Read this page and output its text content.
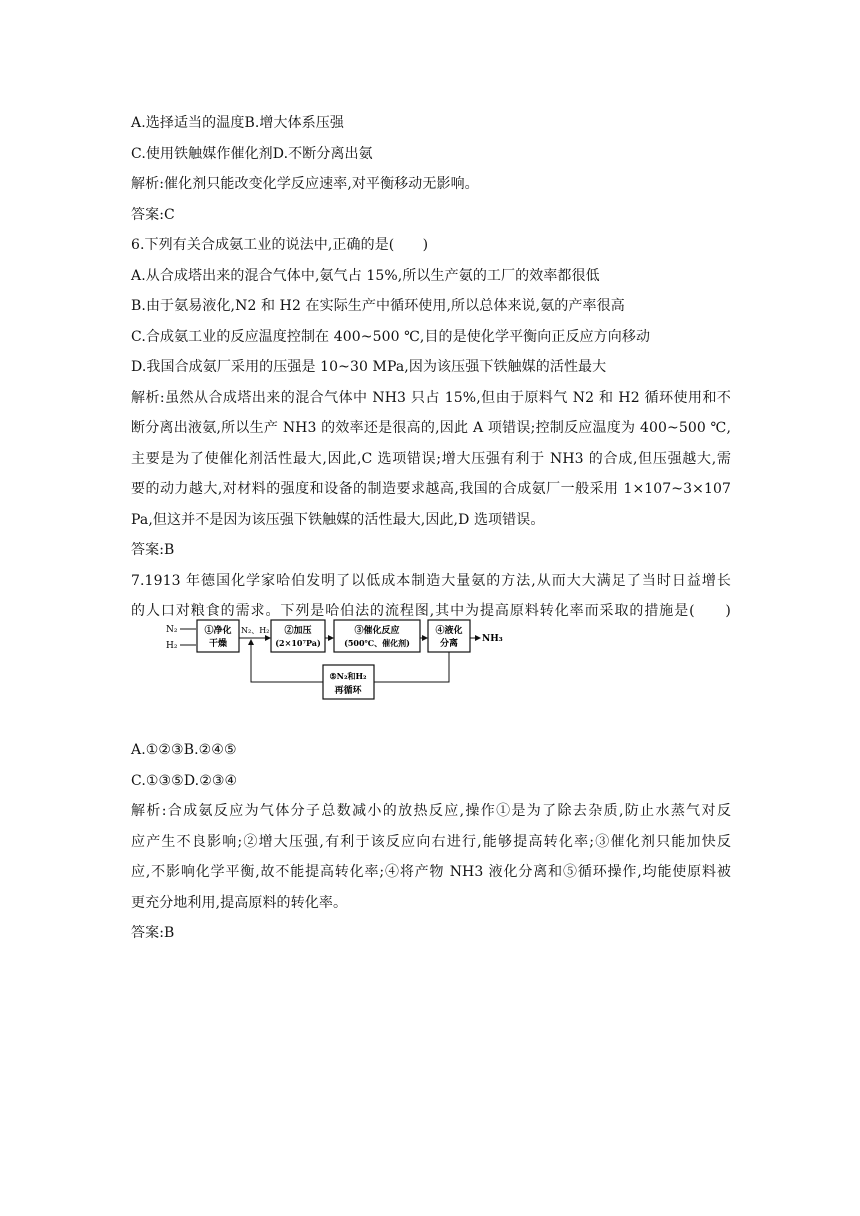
A.选择适当的温度B.增大体系压强
C.使用铁触媒作催化剂D.不断分离出氨
解析:催化剂只能改变化学反应速率,对平衡移动无影响。
答案:C
6.下列有关合成氨工业的说法中,正确的是(　　)
A.从合成塔出来的混合气体中,氨气占 15%,所以生产氨的工厂的效率都很低
B.由于氨易液化,N2 和 H2 在实际生产中循环使用,所以总体来说,氨的产率很高
C.合成氨工业的反应温度控制在 400~500 ℃,目的是使化学平衡向正反应方向移动
D.我国合成氨厂采用的压强是 10~30 MPa,因为该压强下铁触媒的活性最大
解析:虽然从合成塔出来的混合气体中 NH3 只占 15%,但由于原料气 N2 和 H2 循环使用和不
断分离出液氨,所以生产 NH3 的效率还是很高的,因此 A 项错误;控制反应温度为 400~500 ℃,
主要是为了使催化剂活性最大,因此,C 选项错误;增大压强有利于 NH3 的合成,但压强越大,需
要的动力越大,对材料的强度和设备的制造要求越高,我国的合成氨厂一般采用 1×107~3×107
Pa,但这并不是因为该压强下铁触媒的活性最大,因此,D 选项错误。
答案:B
7.1913 年德国化学家哈伯发明了以低成本制造大量氨的方法,从而大大满足了当时日益增长
的人口对粮食的需求。下列是哈伯法的流程图,其中为提高原料转化率而采取的措施是(　　)
A.①②③B.②④⑤
C.①③⑤D.②③④
解析:合成氨反应为气体分子总数减小的放热反应,操作①是为了除去杂质,防止水蒸气对反
应产生不良影响;②增大压强,有利于该反应向右进行,能够提高转化率;③催化剂只能加快反
应,不影响化学平衡,故不能提高转化率;④将产物 NH3 液化分离和⑤循环操作,均能使原料被
更充分地利用,提高原料的转化率。
答案:B
N₂
H₂
①净化
干燥
N₂、H₂ ②加压
(2×10⁷Pa)
③催化反应
(500℃、催化剂)
④液化
分离	NH₃
⑤N₂和H₂
再循环
